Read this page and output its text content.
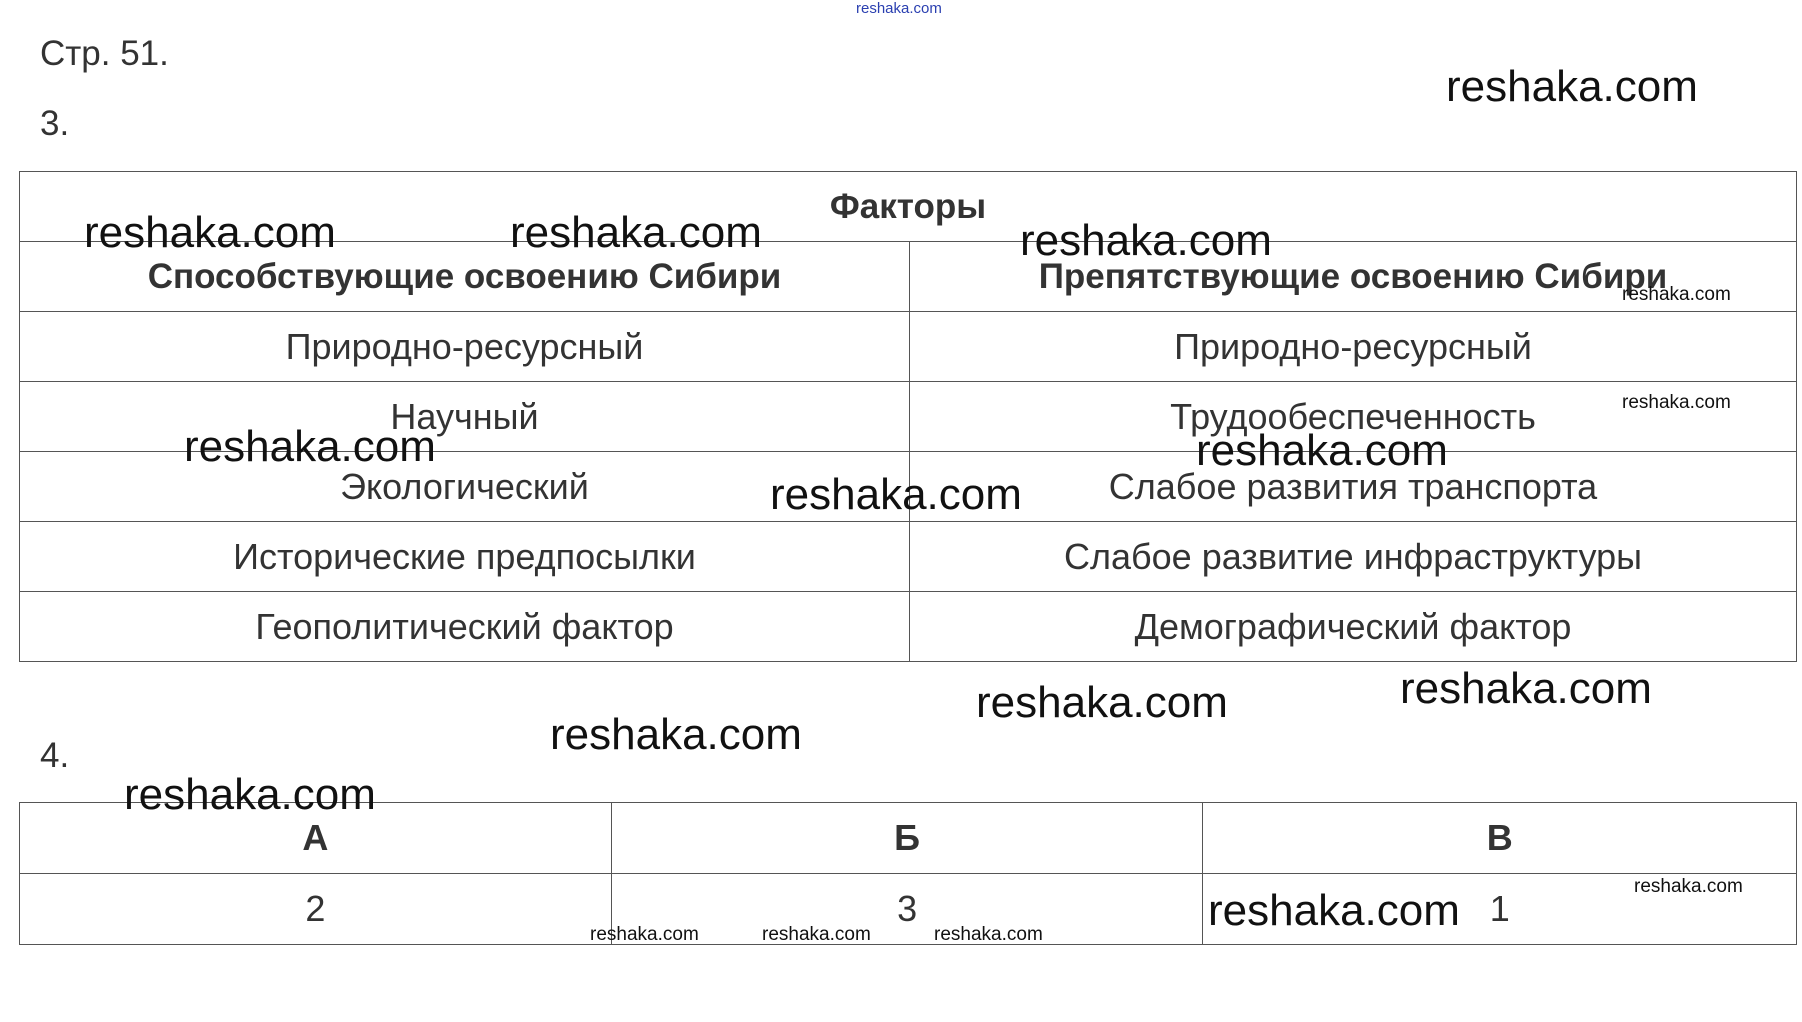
reshaka.com
Стр. 51.
3.
Факторы	
Способствующие освоению Сибири	Препятствующие освоению Сибири
Природно-ресурсный	Природно-ресурсный
Научный	Трудообеспеченность
Экологический	Слабое развития транспорта
Исторические предпосылки	Слабое развитие инфраструктуры
Геополитический фактор	Демографический фактор
4.
А	Б	В
2	3	1
reshaka.com
reshaka.com	reshaka.com	reshaka.com
reshaka.com
reshaka.com
reshaka.com	reshaka.com
reshaka.com
reshaka.com
reshaka.com
reshaka.com
reshaka.com
reshaka.com
reshaka.com
reshaka.com	reshaka.com	reshaka.com
